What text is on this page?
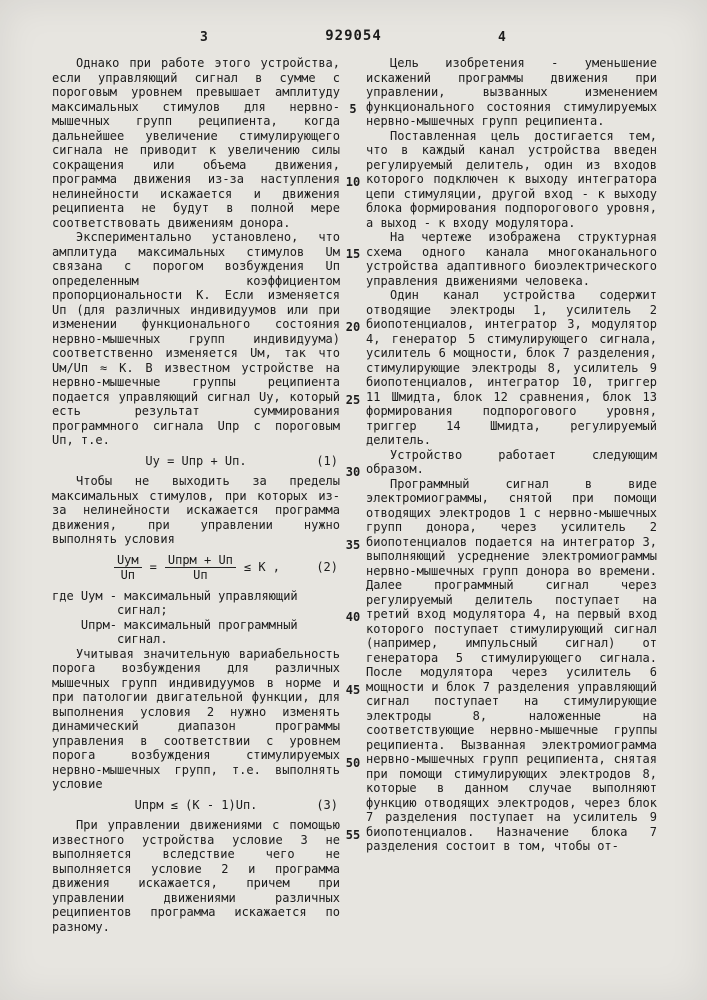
3	929054	4

Однако при работе этого устройства, если управляющий сигнал в сумме с пороговым уровнем превышает амплитуду максимальных стимулов для нервно-мышечных групп реципиента, когда дальнейшее увеличение стимулирующего сигнала не приводит к увеличению силы сокращения или объема движения, программа движения из-за наступления нелинейности искажается и движения реципиента не будут в полной мере соответствовать движениям донора.

Экспериментально установлено, что амплитуда максимальных стимулов Uм связана с порогом возбуждения Uп определенным коэффициентом пропорциональности К. Если изменяется Uп (для различных индивидуумов или при изменении функционального состояния нервно-мышечных групп индивидуума) соответственно изменяется Uм, так что Uм/Uп ≈ К. В известном устройстве на нервно-мышечные группы реципиента подается управляющий сигнал Uу, который есть результат суммирования программного сигнала Uпр с пороговым Uп, т.е.

Uу = Uпр + Uп.	(1)

Чтобы не выходить за пределы максимальных стимулов, при которых из-за нелинейности искажается программа движения, при управлении нужно выполнять условия

$\frac{\text{Uум}}{Uп} = \frac{\text{Uпрм + Uп}}{Uп} \le К$ ,	(2)

где Uум - максимальный управляющий
сигнал;
Uпрм- максимальный программный
сигнал.

Учитывая значительную вариабельность порога возбуждения для различных мышечных групп индивидуумов в норме и при патологии двигательной функции, для выполнения условия 2 нужно изменять динамический диапазон программы управления в соответствии с уровнем порога возбуждения стимулируемых нервно-мышечных групп, т.е. выполнять условие

Uпрм ≤ (К - 1)Uп.	(3)

При управлении движениями с помощью известного устройства условие 3 не выполняется вследствие чего не выполняется условие 2 и программа движения искажается, причем при управлении движениями различных реципиентов программа искажается по разному.

5
10
15
20
25
30
35
40
45
50
55

Цель изобретения - уменьшение искажений программы движения при управлении, вызванных изменением функционального состояния стимулируемых нервно-мышечных групп реципиента.

Поставленная цель достигается тем, что в каждый канал устройства введен регулируемый делитель, один из входов которого подключен к выходу интегратора цепи стимуляции, другой вход - к выходу блока формирования подпорогового уровня, а выход - к входу модулятора.

На чертеже изображена структурная схема одного канала многоканального устройства адаптивного биоэлектрического управления движениями человека.

Один канал устройства содержит отводящие электроды 1, усилитель 2 биопотенциалов, интегратор 3, модулятор 4, генератор 5 стимулирующего сигнала, усилитель 6 мощности, блок 7 разделения, стимулирующие электроды 8, усилитель 9 биопотенциалов, интегратор 10, триггер 11 Шмидта, блок 12 сравнения, блок 13 формирования подпорогового уровня, триггер 14 Шмидта, регулируемый делитель.

Устройство работает следующим образом.

Программный сигнал в виде электромиограммы, снятой при помощи отводящих электродов 1 с нервно-мышечных групп донора, через усилитель 2 биопотенциалов подается на интегратор 3, выполняющий усреднение электромиограммы нервно-мышечных групп донора во времени. Далее программный сигнал через регулируемый делитель поступает на третий вход модулятора 4, на первый вход которого поступает стимулирующий сигнал (например, импульсный сигнал) от генератора 5 стимулирующего сигнала. После модулятора через усилитель 6 мощности и блок 7 разделения управляющий сигнал поступает на стимулирующие электроды 8, наложенные на соответствующие нервно-мышечные группы реципиента. Вызванная электромиограмма нервно-мышечных групп реципиента, снятая при помощи стимулирующих электродов 8, которые в данном случае выполняют функцию отводящих электродов, через блок 7 разделения поступает на усилитель 9 биопотенциалов. Назначение блока 7 разделения состоит в том, чтобы от-
